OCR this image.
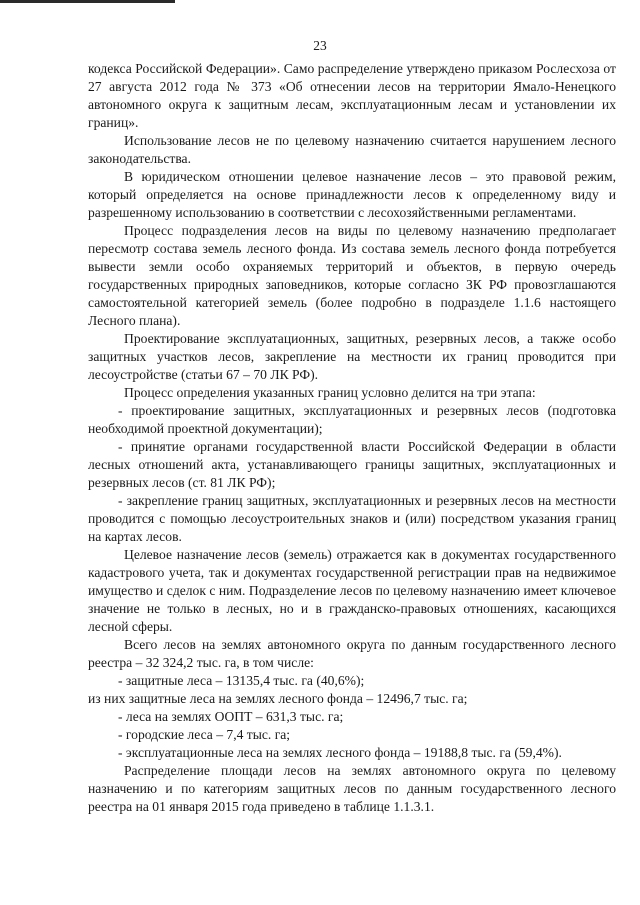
23

кодекса Российской Федерации». Само распределение утверждено приказом Рослесхоза от 27 августа 2012 года № 373 «Об отнесении лесов на территории Ямало-Ненецкого автономного округа к защитным лесам, эксплуатационным лесам и установлении их границ».

Использование лесов не по целевому назначению считается нарушением лесного законодательства.

В юридическом отношении целевое назначение лесов – это правовой режим, который определяется на основе принадлежности лесов к определенному виду и разрешенному использованию в соответствии с лесохозяйственными регламентами.

Процесс подразделения лесов на виды по целевому назначению предполагает пересмотр состава земель лесного фонда. Из состава земель лесного фонда потребуется вывести земли особо охраняемых территорий и объектов, в первую очередь государственных природных заповедников, которые согласно ЗК РФ провозглашаются самостоятельной категорией земель (более подробно в подразделе 1.1.6 настоящего Лесного плана).

Проектирование эксплуатационных, защитных, резервных лесов, а также особо защитных участков лесов, закрепление на местности их границ проводится при лесоустройстве (статьи 67 – 70 ЛК РФ).

Процесс определения указанных границ условно делится на три этапа:

- проектирование защитных, эксплуатационных и резервных лесов (подготовка необходимой проектной документации);

- принятие органами государственной власти Российской Федерации в области лесных отношений акта, устанавливающего границы защитных, эксплуатационных и резервных лесов (ст. 81 ЛК РФ);

- закрепление границ защитных, эксплуатационных и резервных лесов на местности проводится с помощью лесоустроительных знаков и (или) посредством указания границ на картах лесов.

Целевое назначение лесов (земель) отражается как в документах государственного кадастрового учета, так и документах государственной регистрации прав на недвижимое имущество и сделок с ним. Подразделение лесов по целевому назначению имеет ключевое значение не только в лесных, но и в гражданско-правовых отношениях, касающихся лесной сферы.

Всего лесов на землях автономного округа по данным государственного лесного реестра – 32 324,2 тыс. га, в том числе:

- защитные леса – 13135,4 тыс. га (40,6%);

из них защитные леса на землях лесного фонда – 12496,7 тыс. га;

- леса на землях ООПТ – 631,3 тыс. га;

- городские леса – 7,4 тыс. га;

- эксплуатационные леса на землях лесного фонда – 19188,8 тыс. га (59,4%).

Распределение площади лесов на землях автономного округа по целевому назначению и по категориям защитных лесов по данным государственного лесного реестра на 01 января 2015 года приведено в таблице 1.1.3.1.
